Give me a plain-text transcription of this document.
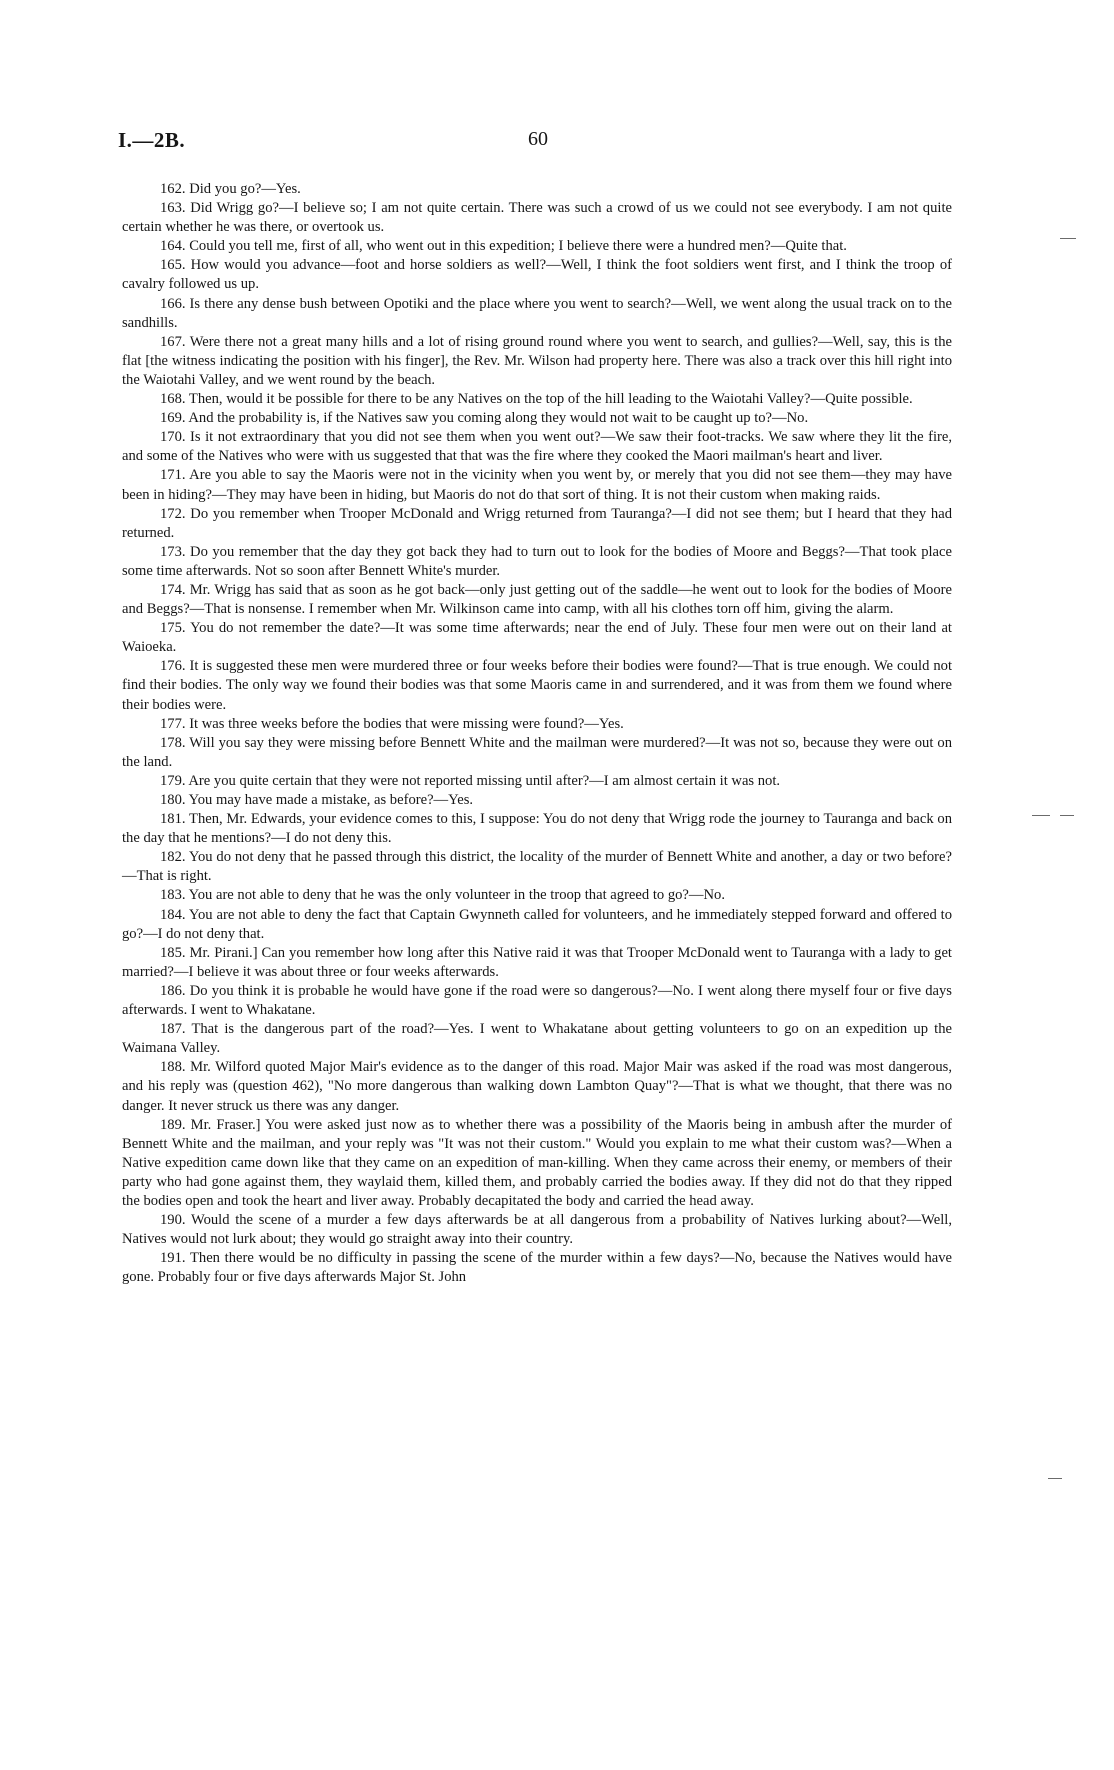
I.—2B.	60

162. Did you go?—Yes.

163. Did Wrigg go?—I believe so; I am not quite certain. There was such a crowd of us we could not see everybody. I am not quite certain whether he was there, or overtook us.

164. Could you tell me, first of all, who went out in this expedition; I believe there were a hundred men?—Quite that.

165. How would you advance—foot and horse soldiers as well?—Well, I think the foot soldiers went first, and I think the troop of cavalry followed us up.

166. Is there any dense bush between Opotiki and the place where you went to search?—Well, we went along the usual track on to the sandhills.

167. Were there not a great many hills and a lot of rising ground round where you went to search, and gullies?—Well, say, this is the flat [the witness indicating the position with his finger], the Rev. Mr. Wilson had property here. There was also a track over this hill right into the Waiotahi Valley, and we went round by the beach.

168. Then, would it be possible for there to be any Natives on the top of the hill leading to the Waiotahi Valley?—Quite possible.

169. And the probability is, if the Natives saw you coming along they would not wait to be caught up to?—No.

170. Is it not extraordinary that you did not see them when you went out?—We saw their foot-tracks. We saw where they lit the fire, and some of the Natives who were with us suggested that that was the fire where they cooked the Maori mailman's heart and liver.

171. Are you able to say the Maoris were not in the vicinity when you went by, or merely that you did not see them—they may have been in hiding?—They may have been in hiding, but Maoris do not do that sort of thing. It is not their custom when making raids.

172. Do you remember when Trooper McDonald and Wrigg returned from Tauranga?—I did not see them; but I heard that they had returned.

173. Do you remember that the day they got back they had to turn out to look for the bodies of Moore and Beggs?—That took place some time afterwards. Not so soon after Bennett White's murder.

174. Mr. Wrigg has said that as soon as he got back—only just getting out of the saddle—he went out to look for the bodies of Moore and Beggs?—That is nonsense. I remember when Mr. Wilkinson came into camp, with all his clothes torn off him, giving the alarm.

175. You do not remember the date?—It was some time afterwards; near the end of July. These four men were out on their land at Waioeka.

176. It is suggested these men were murdered three or four weeks before their bodies were found?—That is true enough. We could not find their bodies. The only way we found their bodies was that some Maoris came in and surrendered, and it was from them we found where their bodies were.

177. It was three weeks before the bodies that were missing were found?—Yes.

178. Will you say they were missing before Bennett White and the mailman were murdered?—It was not so, because they were out on the land.

179. Are you quite certain that they were not reported missing until after?—I am almost certain it was not.

180. You may have made a mistake, as before?—Yes.

181. Then, Mr. Edwards, your evidence comes to this, I suppose: You do not deny that Wrigg rode the journey to Tauranga and back on the day that he mentions?—I do not deny this.

182. You do not deny that he passed through this district, the locality of the murder of Bennett White and another, a day or two before?—That is right.

183. You are not able to deny that he was the only volunteer in the troop that agreed to go?—No.

184. You are not able to deny the fact that Captain Gwynneth called for volunteers, and he immediately stepped forward and offered to go?—I do not deny that.

185. Mr. Pirani.] Can you remember how long after this Native raid it was that Trooper McDonald went to Tauranga with a lady to get married?—I believe it was about three or four weeks afterwards.

186. Do you think it is probable he would have gone if the road were so dangerous?—No. I went along there myself four or five days afterwards. I went to Whakatane.

187. That is the dangerous part of the road?—Yes. I went to Whakatane about getting volunteers to go on an expedition up the Waimana Valley.

188. Mr. Wilford quoted Major Mair's evidence as to the danger of this road. Major Mair was asked if the road was most dangerous, and his reply was (question 462), "No more dangerous than walking down Lambton Quay"?—That is what we thought, that there was no danger. It never struck us there was any danger.

189. Mr. Fraser.] You were asked just now as to whether there was a possibility of the Maoris being in ambush after the murder of Bennett White and the mailman, and your reply was "It was not their custom." Would you explain to me what their custom was?—When a Native expedition came down like that they came on an expedition of man-killing. When they came across their enemy, or members of their party who had gone against them, they waylaid them, killed them, and probably carried the bodies away. If they did not do that they ripped the bodies open and took the heart and liver away. Probably decapitated the body and carried the head away.

190. Would the scene of a murder a few days afterwards be at all dangerous from a probability of Natives lurking about?—Well, Natives would not lurk about; they would go straight away into their country.

191. Then there would be no difficulty in passing the scene of the murder within a few days?—No, because the Natives would have gone. Probably four or five days afterwards Major St. John
